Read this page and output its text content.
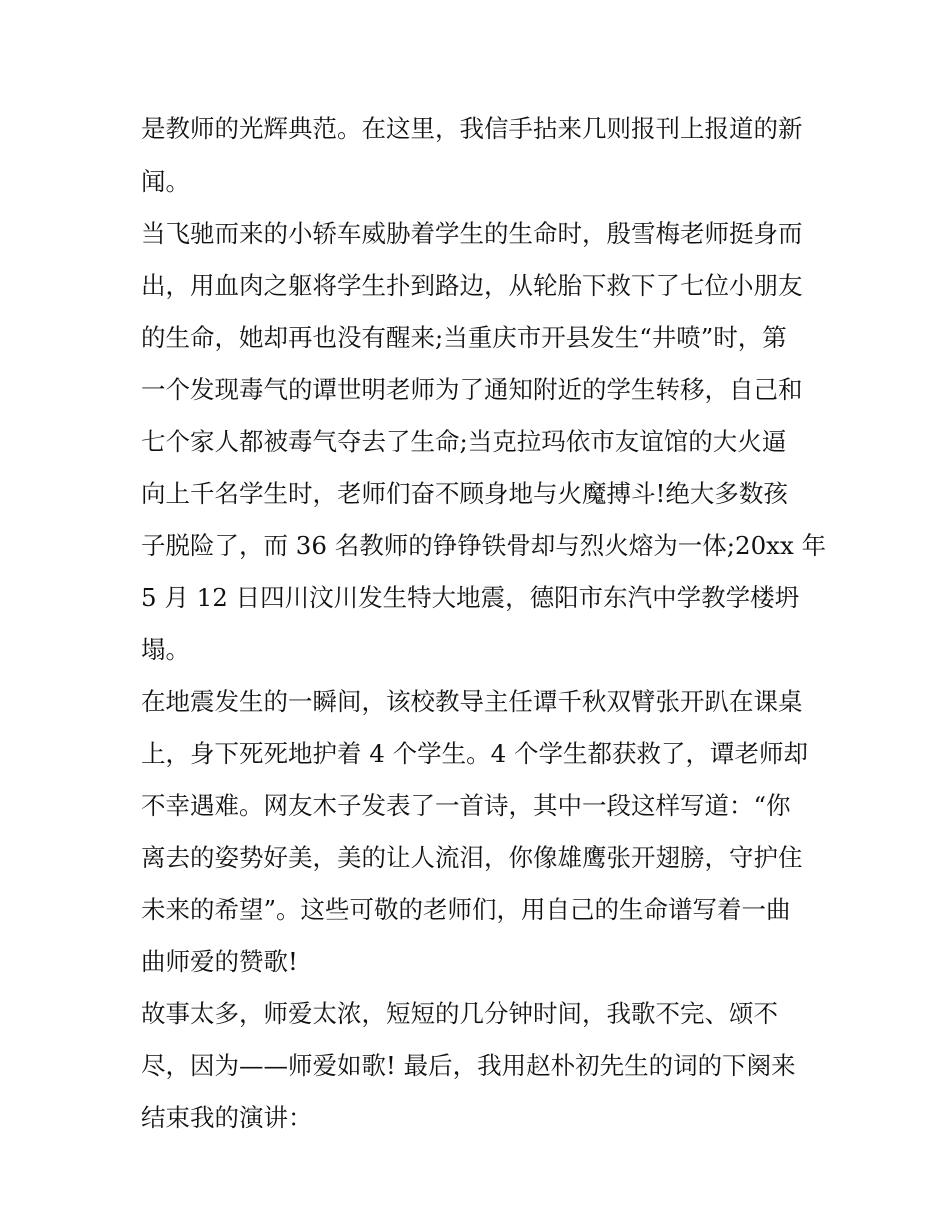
是教师的光辉典范。在这里，我信手拈来几则报刊上报道的新

闻。

当飞驰而来的小轿车威胁着学生的生命时，殷雪梅老师挺身而

出，用血肉之躯将学生扑到路边，从轮胎下救下了七位小朋友

的生命，她却再也没有醒来;当重庆市开县发生“井喷”时，第

一个发现毒气的谭世明老师为了通知附近的学生转移，自己和

七个家人都被毒气夺去了生命;当克拉玛依市友谊馆的大火逼

向上千名学生时，老师们奋不顾身地与火魔搏斗!绝大多数孩

子脱险了，而 36 名教师的铮铮铁骨却与烈火熔为一体;20xx 年

5 月 12 日四川汶川发生特大地震，德阳市东汽中学教学楼坍

塌。

在地震发生的一瞬间，该校教导主任谭千秋双臂张开趴在课桌

上，身下死死地护着 4 个学生。4 个学生都获救了，谭老师却

不幸遇难。网友木子发表了一首诗，其中一段这样写道：“你

离去的姿势好美，美的让人流泪，你像雄鹰张开翅膀，守护住

未来的希望”。这些可敬的老师们，用自己的生命谱写着一曲

曲师爱的赞歌!

故事太多，师爱太浓，短短的几分钟时间，我歌不完、颂不

尽，因为——师爱如歌! 最后，我用赵朴初先生的词的下阕来

结束我的演讲：
